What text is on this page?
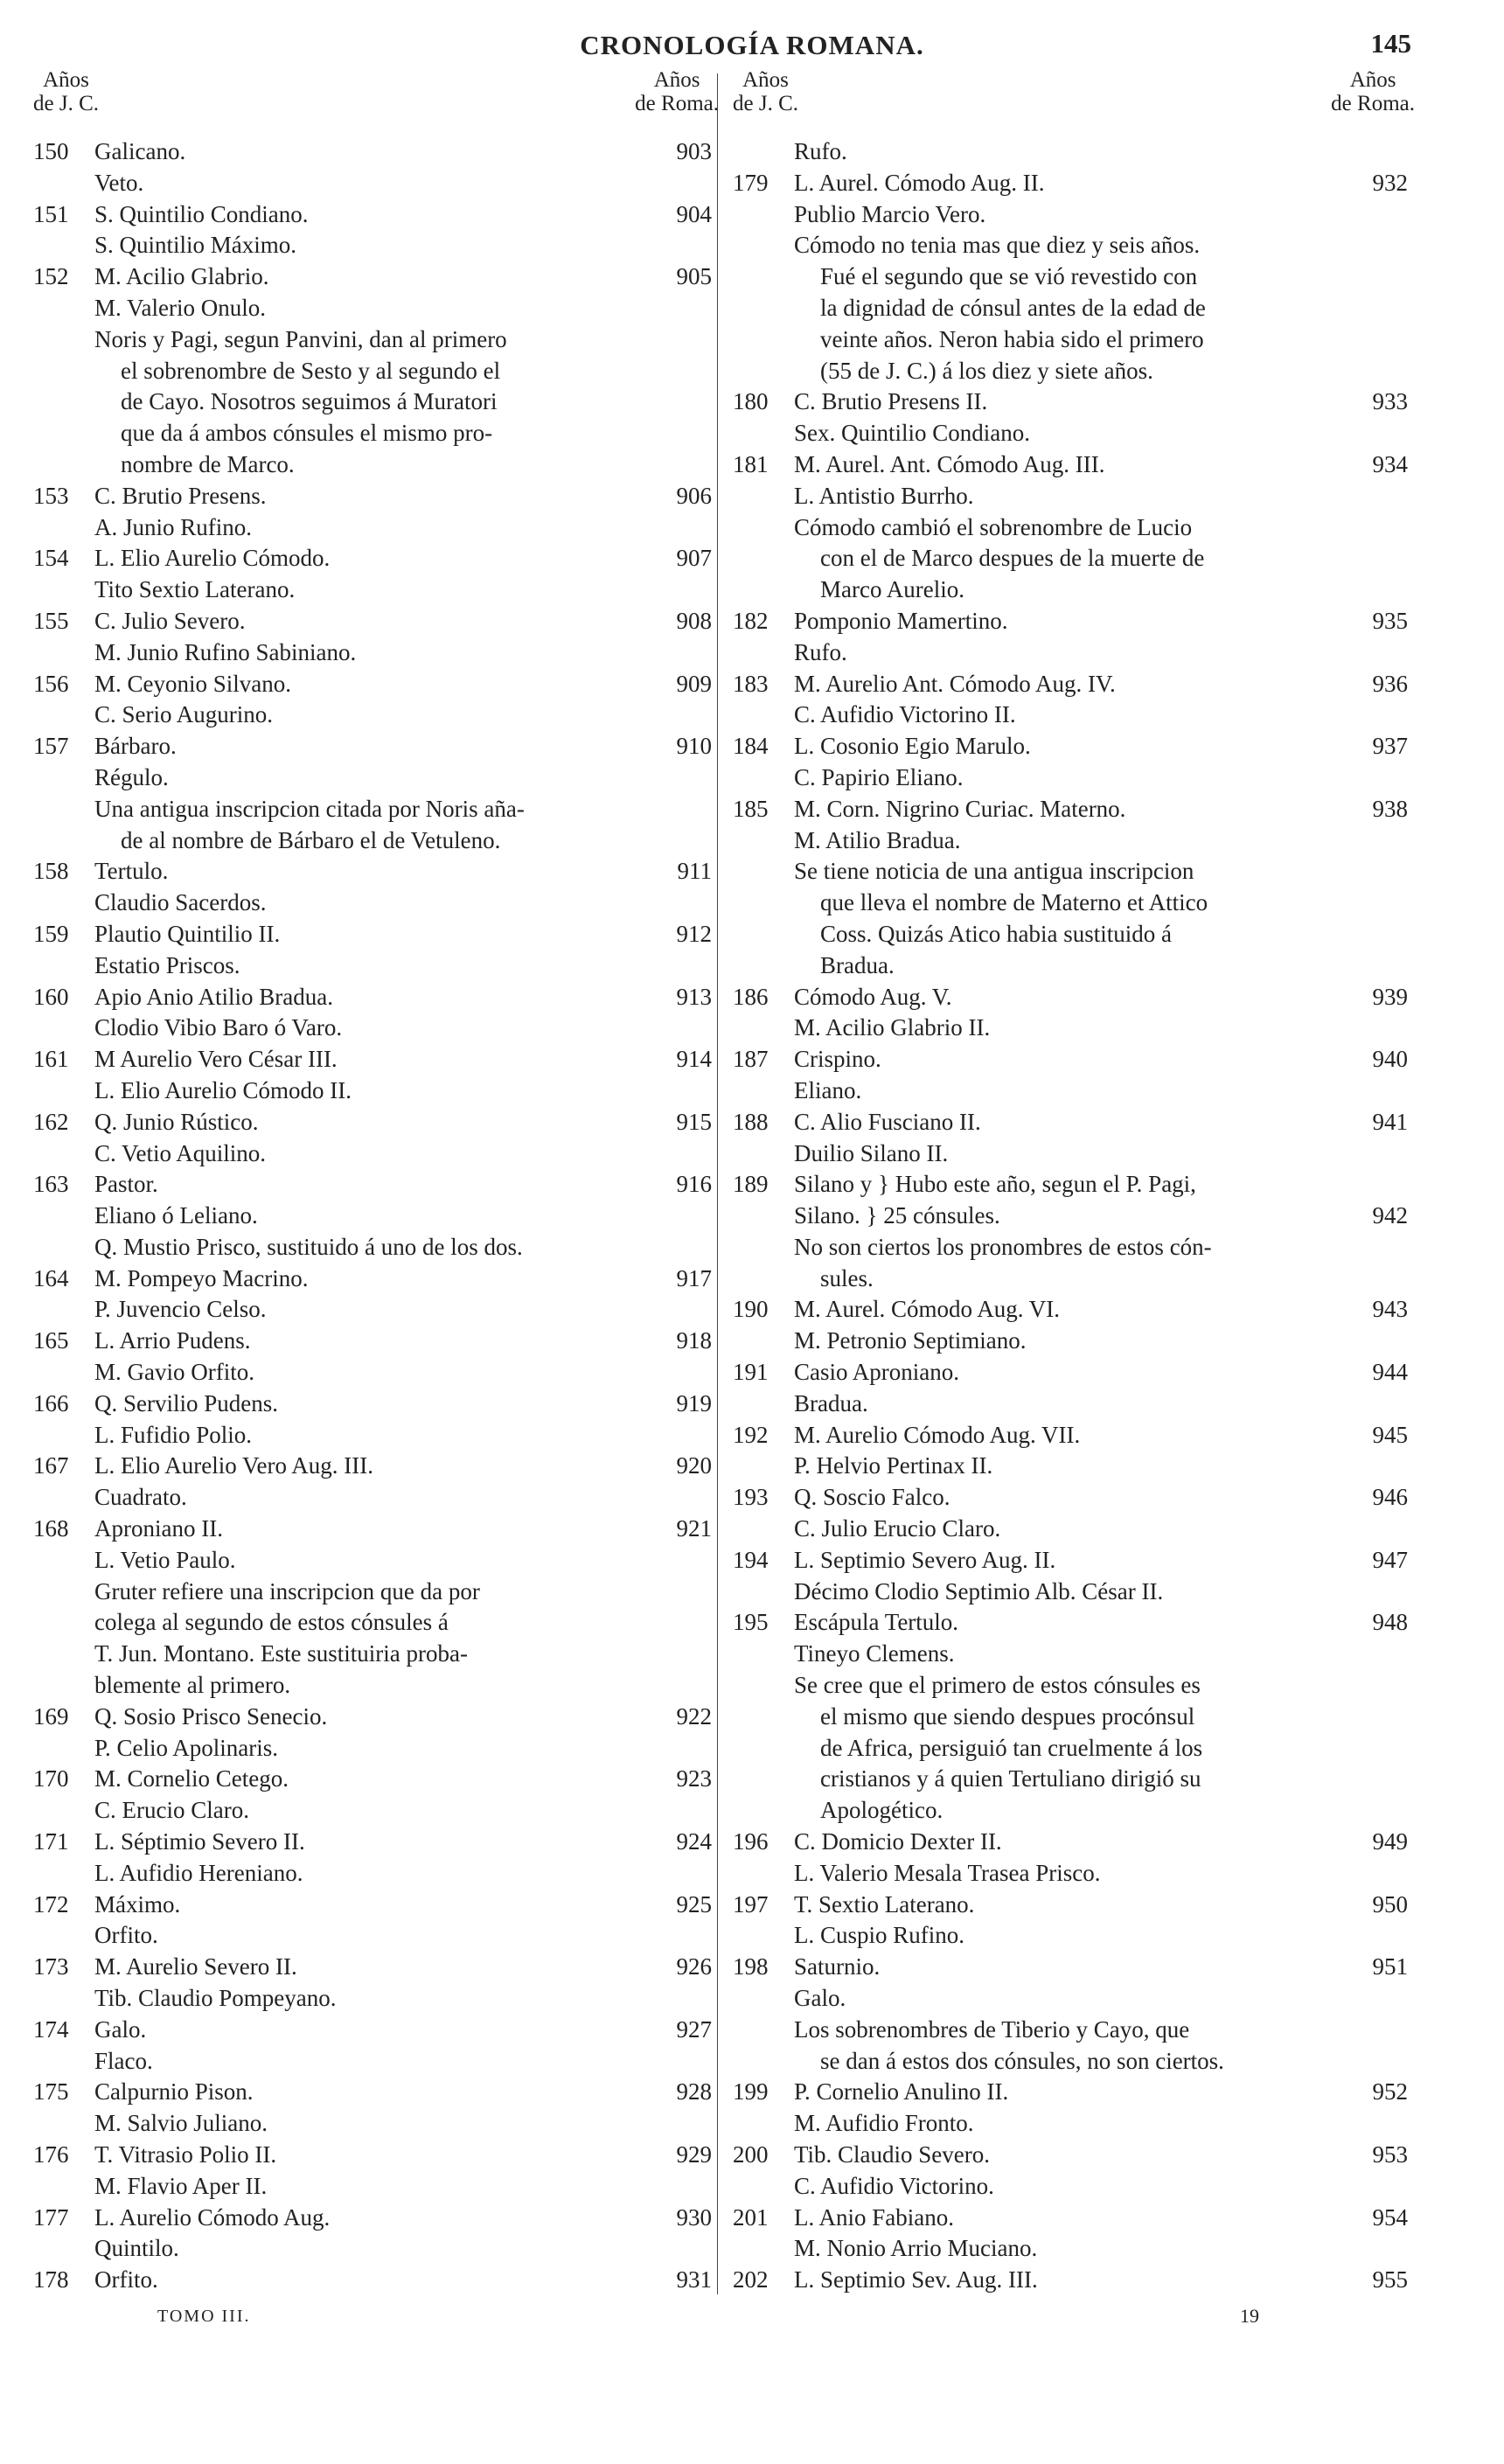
CRONOLOGÍA ROMANA.	145
Años
de J. C.
Años
de Roma.
150	Galicano.	903
Veto.
151	S. Quintilio Condiano.	904
S. Quintilio Máximo.
152	M. Acilio Glabrio.	905
M. Valerio Onulo.
Noris y Pagi, segun Panvini, dan al primero
el sobrenombre de Sesto y al segundo el
de Cayo. Nosotros seguimos á Muratori
que da á ambos cónsules el mismo pro-
nombre de Marco.
153	C. Brutio Presens.	906
A. Junio Rufino.
154	L. Elio Aurelio Cómodo.	907
Tito Sextio Laterano.
155	C. Julio Severo.	908
M. Junio Rufino Sabiniano.
156	M. Ceyonio Silvano.	909
C. Serio Augurino.
157	Bárbaro.	910
Régulo.
Una antigua inscripcion citada por Noris aña-
de al nombre de Bárbaro el de Vetuleno.
158	Tertulo.	911
Claudio Sacerdos.
159	Plautio Quintilio II.	912
Estatio Priscos.
160	Apio Anio Atilio Bradua.	913
Clodio Vibio Baro ó Varo.
161	M Aurelio Vero César III.	914
L. Elio Aurelio Cómodo II.
162	Q. Junio Rústico.	915
C. Vetio Aquilino.
163	Pastor.	916
Eliano ó Leliano.
Q. Mustio Prisco, sustituido á uno de los dos.
164	M. Pompeyo Macrino.	917
P. Juvencio Celso.
165	L. Arrio Pudens.	918
M. Gavio Orfito.
166	Q. Servilio Pudens.	919
L. Fufidio Polio.
167	L. Elio Aurelio Vero Aug. III.	920
Cuadrato.
168	Aproniano II.	921
L. Vetio Paulo.
Gruter refiere una inscripcion que da por
colega al segundo de estos cónsules á
T. Jun. Montano. Este sustituiria proba-
blemente al primero.
169	Q. Sosio Prisco Senecio.	922
P. Celio Apolinaris.
170	M. Cornelio Cetego.	923
C. Erucio Claro.
171	L. Séptimio Severo II.	924
L. Aufidio Hereniano.
172	Máximo.	925
Orfito.
173	M. Aurelio Severo II.	926
Tib. Claudio Pompeyano.
174	Galo.	927
Flaco.
175	Calpurnio Pison.	928
M. Salvio Juliano.
176	T. Vitrasio Polio II.	929
M. Flavio Aper II.
177	L. Aurelio Cómodo Aug.	930
Quintilo.
178	Orfito.	931
Años
de J. C.
Años
de Roma.
Rufo.
179	L. Aurel. Cómodo Aug. II.	932
Publio Marcio Vero.
Cómodo no tenia mas que diez y seis años.
Fué el segundo que se vió revestido con
la dignidad de cónsul antes de la edad de
veinte años. Neron habia sido el primero
(55 de J. C.) á los diez y siete años.
180	C. Brutio Presens II.	933
Sex. Quintilio Condiano.
181	M. Aurel. Ant. Cómodo Aug. III.	934
L. Antistio Burrho.
Cómodo cambió el sobrenombre de Lucio
con el de Marco despues de la muerte de
Marco Aurelio.
182	Pomponio Mamertino.	935
Rufo.
183	M. Aurelio Ant. Cómodo Aug. IV.	936
C. Aufidio Victorino II.
184	L. Cosonio Egio Marulo.	937
C. Papirio Eliano.
185	M. Corn. Nigrino Curiac. Materno.	938
M. Atilio Bradua.
Se tiene noticia de una antigua inscripcion
que lleva el nombre de Materno et Attico
Coss. Quizás Atico habia sustituido á
Bradua.
186	Cómodo Aug. V.	939
M. Acilio Glabrio II.
187	Crispino.	940
Eliano.
188	C. Alio Fusciano II.	941
Duilio Silano II.
189	Silano y } Hubo este año, segun el P. Pagi,
Silano. } 25 cónsules.	942
No son ciertos los pronombres de estos cón-
sules.
190	M. Aurel. Cómodo Aug. VI.	943
M. Petronio Septimiano.
191	Casio Aproniano.	944
Bradua.
192	M. Aurelio Cómodo Aug. VII.	945
P. Helvio Pertinax II.
193	Q. Soscio Falco.	946
C. Julio Erucio Claro.
194	L. Septimio Severo Aug. II.	947
Décimo Clodio Septimio Alb. César II.
195	Escápula Tertulo.	948
Tineyo Clemens.
Se cree que el primero de estos cónsules es
el mismo que siendo despues procónsul
de Africa, persiguió tan cruelmente á los
cristianos y á quien Tertuliano dirigió su
Apologético.
196	C. Domicio Dexter II.	949
L. Valerio Mesala Trasea Prisco.
197	T. Sextio Laterano.	950
L. Cuspio Rufino.
198	Saturnio.	951
Galo.
Los sobrenombres de Tiberio y Cayo, que
se dan á estos dos cónsules, no son ciertos.
199	P. Cornelio Anulino II.	952
M. Aufidio Fronto.
200	Tib. Claudio Severo.	953
C. Aufidio Victorino.
201	L. Anio Fabiano.	954
M. Nonio Arrio Muciano.
202	L. Septimio Sev. Aug. III.	955
TOMO III.	19
